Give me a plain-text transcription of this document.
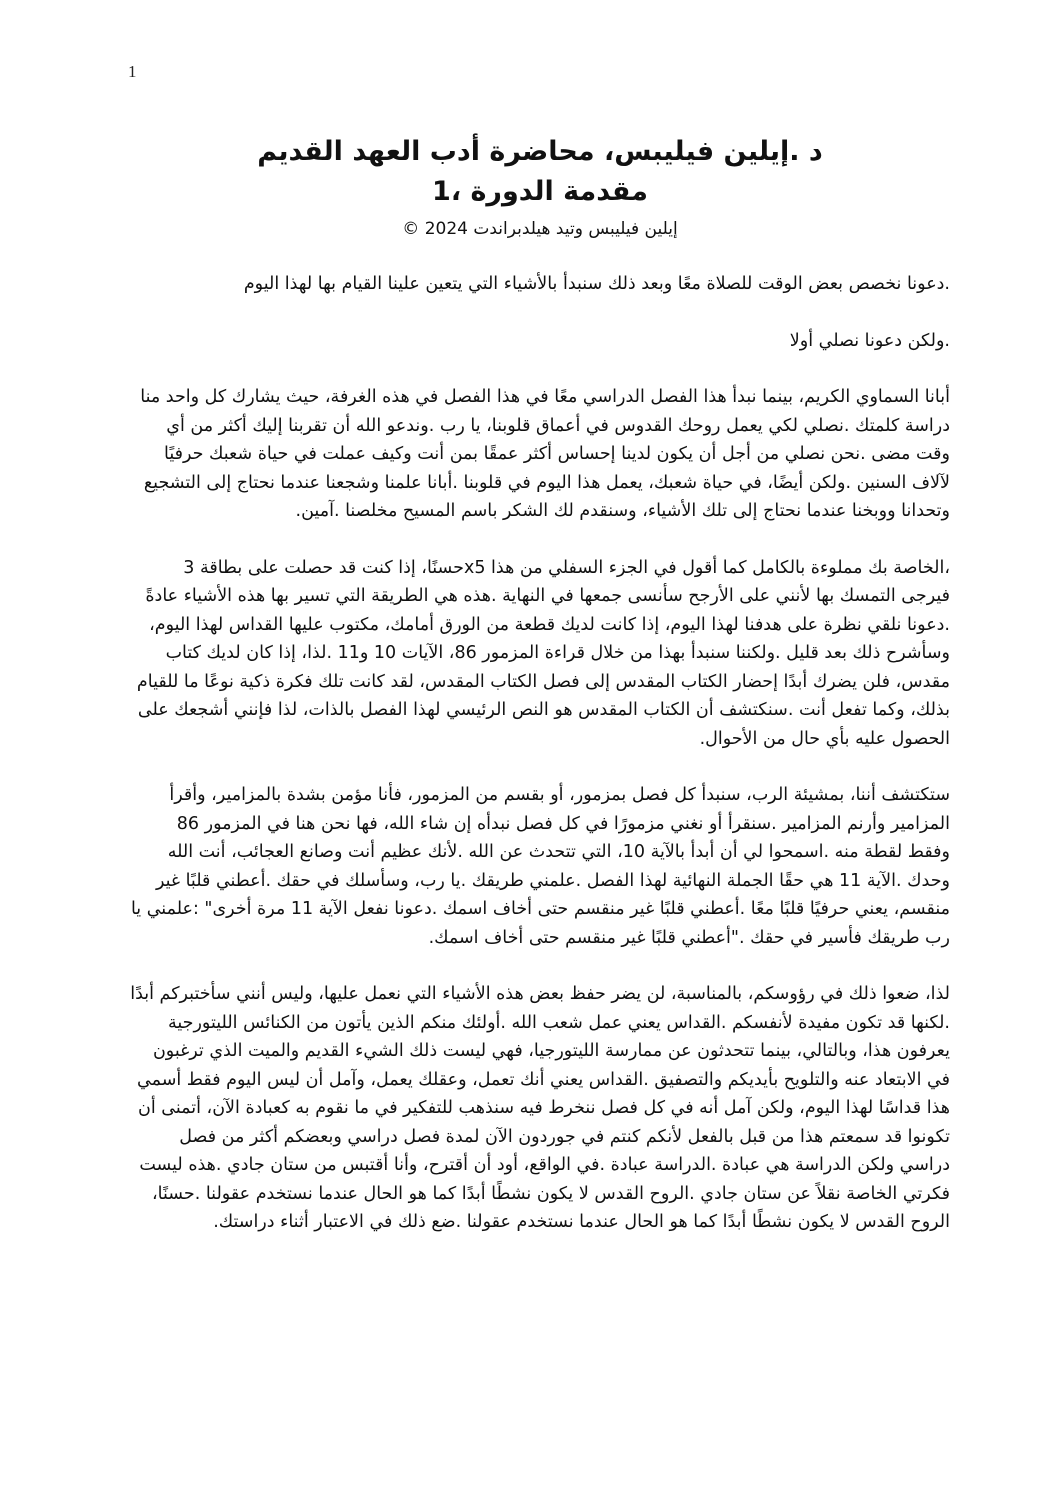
1
د .إيلين فيليبس، محاضرة أدب العهد القديم
مقدمة الدورة ،1
إيلين فيليبس وتيد هيلدبراندت 2024 ©

.دعونا نخصص بعض الوقت للصلاة معًا وبعد ذلك سنبدأ بالأشياء التي يتعين علينا القيام بها لهذا اليوم

.ولكن دعونا نصلي أولا

أبانا السماوي الكريم، بينما نبدأ هذا الفصل الدراسي معًا في هذا الفصل في هذه الغرفة، حيث يشارك كل واحد منا دراسة كلمتك .نصلي لكي يعمل روحك القدوس في أعماق قلوبنا، يا رب .وندعو الله أن تقربنا إليك أكثر من أي وقت مضى .نحن نصلي من أجل أن يكون لدينا إحساس أكثر عمقًا بمن أنت وكيف عملت في حياة شعبك حرفيًا لآلاف السنين .ولكن أيضًا، في حياة شعبك، يعمل هذا اليوم في قلوبنا .أبانا علمنا وشجعنا عندما نحتاج إلى التشجيع وتحدانا ووبخنا عندما نحتاج إلى تلك الأشياء، وسنقدم لك الشكر باسم المسيح مخلصنا .آمين.

،الخاصة بك مملوءة بالكامل كما أقول في الجزء السفلي من هذا x5حسنًا، إذا كنت قد حصلت على بطاقة 3 فيرجى التمسك بها لأنني على الأرجح سأنسى جمعها في النهاية .هذه هي الطريقة التي تسير بها هذه الأشياء عادةً .دعونا نلقي نظرة على هدفنا لهذا اليوم، إذا كانت لديك قطعة من الورق أمامك، مكتوب عليها القداس لهذا اليوم، وسأشرح ذلك بعد قليل .ولكننا سنبدأ بهذا من خلال قراءة المزمور 86، الآيات 10 و11 .لذا، إذا كان لديك كتاب مقدس، فلن يضرك أبدًا إحضار الكتاب المقدس إلى فصل الكتاب المقدس، لقد كانت تلك فكرة ذكية نوعًا ما للقيام بذلك، وكما تفعل أنت .سنكتشف أن الكتاب المقدس هو النص الرئيسي لهذا الفصل بالذات، لذا فإنني أشجعك على الحصول عليه بأي حال من الأحوال.

ستكتشف أننا، بمشيئة الرب، سنبدأ كل فصل بمزمور، أو بقسم من المزمور، فأنا مؤمن بشدة بالمزامير، وأقرأ المزامير وأرنم المزامير .سنقرأ أو نغني مزمورًا في كل فصل نبدأه إن شاء الله، فها نحن هنا في المزمور 86 وفقط لقطة منه .اسمحوا لي أن أبدأ بالآية 10، التي تتحدث عن الله .لأنك عظيم أنت وصانع العجائب، أنت الله وحدك .الآية 11 هي حقًا الجملة النهائية لهذا الفصل .علمني طريقك .يا رب، وسأسلك في حقك .أعطني قلبًا غير منقسم، يعني حرفيًا قلبًا معًا .أعطني قلبًا غير منقسم حتى أخاف اسمك .دعونا نفعل الآية 11 مرة أخرى" :علمني يا رب طريقك فأسير في حقك ."أعطني قلبًا غير منقسم حتى أخاف اسمك.

لذا، ضعوا ذلك في رؤوسكم، بالمناسبة، لن يضر حفظ بعض هذه الأشياء التي نعمل عليها، وليس أنني سأختبركم أبدًا .لكنها قد تكون مفيدة لأنفسكم .القداس يعني عمل شعب الله .أولئك منكم الذين يأتون من الكنائس الليتورجية يعرفون هذا، وبالتالي، بينما تتحدثون عن ممارسة الليتورجيا، فهي ليست ذلك الشيء القديم والميت الذي ترغبون في الابتعاد عنه والتلويح بأيديكم والتصفيق .القداس يعني أنك تعمل، وعقلك يعمل، وآمل أن ليس اليوم فقط أسمي هذا قداسًا لهذا اليوم، ولكن آمل أنه في كل فصل ننخرط فيه سنذهب للتفكير في ما نقوم به كعبادة الآن، أتمنى أن تكونوا قد سمعتم هذا من قبل بالفعل لأنكم كنتم في جوردون الآن لمدة فصل دراسي وبعضكم أكثر من فصل دراسي ولكن الدراسة هي عبادة .الدراسة عبادة .في الواقع، أود أن أقترح، وأنا أقتبس من ستان جادي .هذه ليست فكرتي الخاصة نقلاً عن ستان جادي .الروح القدس لا يكون نشطًا أبدًا كما هو الحال عندما نستخدم عقولنا .حسنًا، الروح القدس لا يكون نشطًا أبدًا كما هو الحال عندما نستخدم عقولنا .ضع ذلك في الاعتبار أثناء دراستك.
